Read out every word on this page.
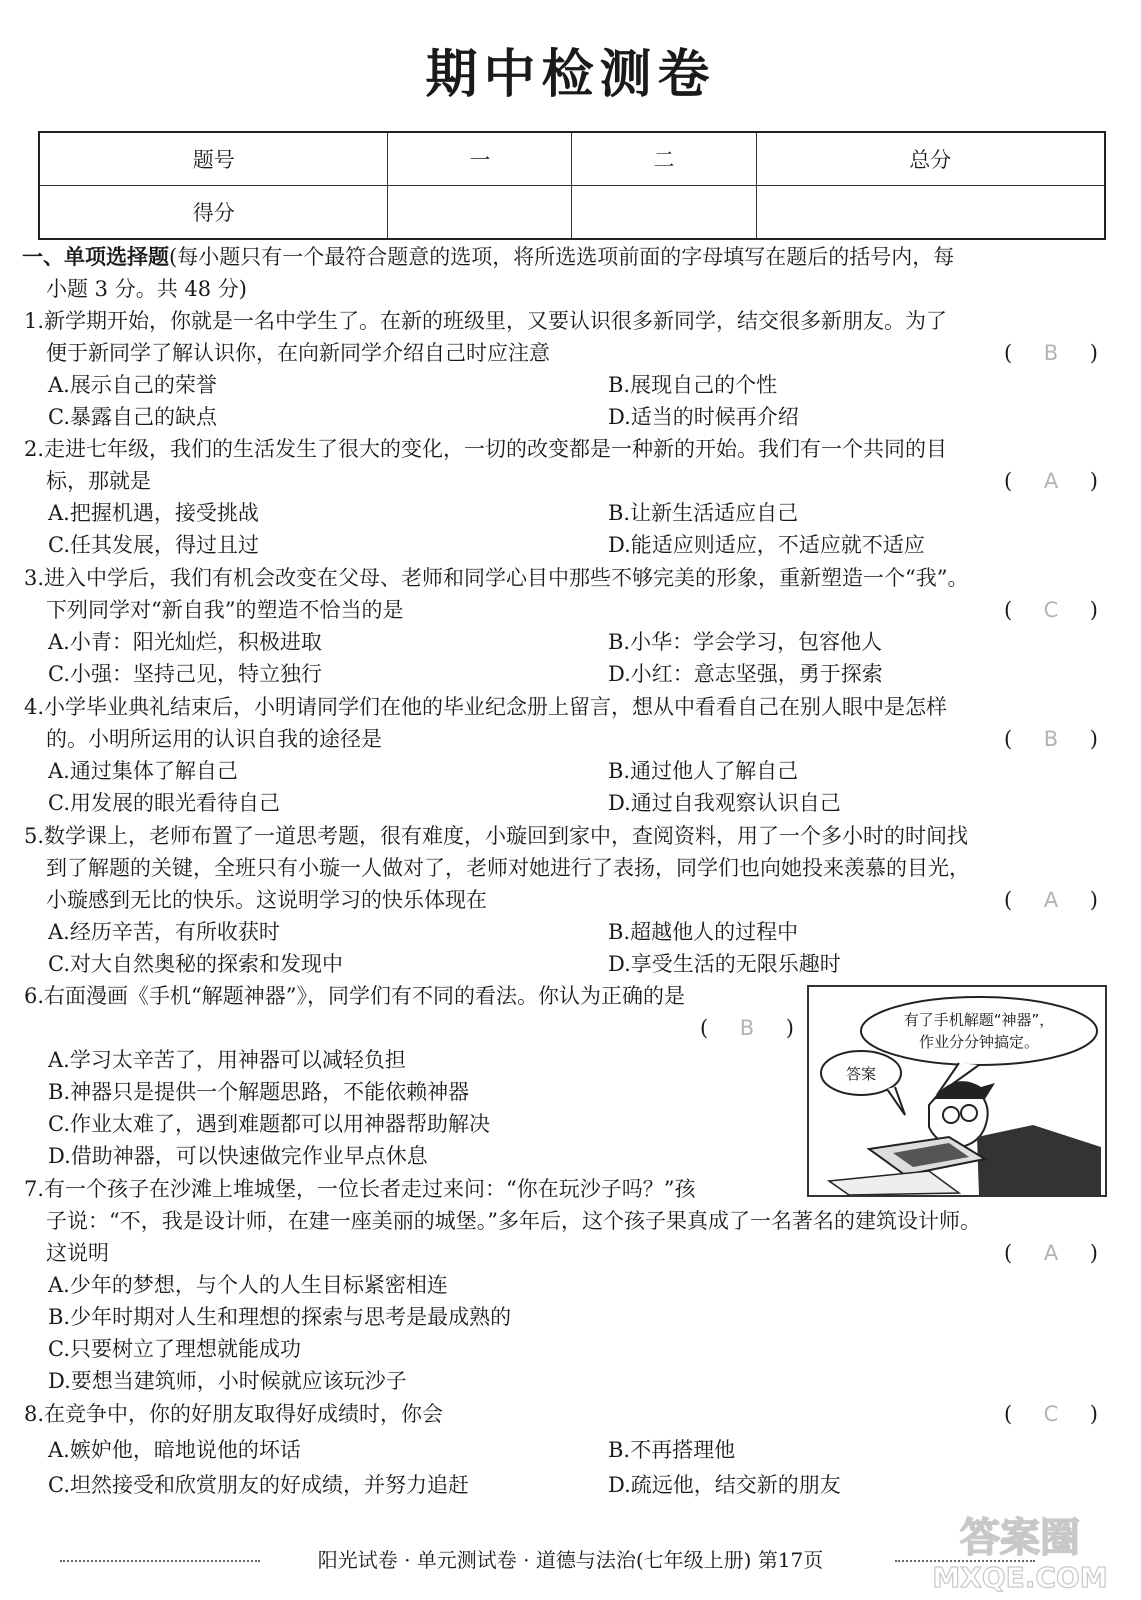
期中检测卷
题号	一	二	总分
得分			
一、单项选择题(每小题只有一个最符合题意的选项，将所选选项前面的字母填写在题后的括号内，每
小题 3 分。共 48 分)
1.新学期开始，你就是一名中学生了。在新的班级里，又要认识很多新同学，结交很多新朋友。为了
便于新同学了解认识你，在向新同学介绍自己时应注意	( B )
A.展示自己的荣誉	B.展现自己的个性
C.暴露自己的缺点	D.适当的时候再介绍
2.走进七年级，我们的生活发生了很大的变化，一切的改变都是一种新的开始。我们有一个共同的目
标，那就是	( A )
A.把握机遇，接受挑战	B.让新生活适应自己
C.任其发展，得过且过	D.能适应则适应，不适应就不适应
3.进入中学后，我们有机会改变在父母、老师和同学心目中那些不够完美的形象，重新塑造一个“我”。
下列同学对“新自我”的塑造不恰当的是	( C )
A.小青：阳光灿烂，积极进取	B.小华：学会学习，包容他人
C.小强：坚持己见，特立独行	D.小红：意志坚强，勇于探索
4.小学毕业典礼结束后，小明请同学们在他的毕业纪念册上留言，想从中看看自己在别人眼中是怎样
的。小明所运用的认识自我的途径是	( B )
A.通过集体了解自己	B.通过他人了解自己
C.用发展的眼光看待自己	D.通过自我观察认识自己
5.数学课上，老师布置了一道思考题，很有难度，小璇回到家中，查阅资料，用了一个多小时的时间找
到了解题的关键，全班只有小璇一人做对了，老师对她进行了表扬，同学们也向她投来羡慕的目光，
小璇感到无比的快乐。这说明学习的快乐体现在	( A )
A.经历辛苦，有所收获时	B.超越他人的过程中
C.对大自然奥秘的探索和发现中	D.享受生活的无限乐趣时
6.右面漫画《手机“解题神器”》，同学们有不同的看法。你认为正确的是
( B )
A.学习太辛苦了，用神器可以减轻负担
B.神器只是提供一个解题思路，不能依赖神器
C.作业太难了，遇到难题都可以用神器帮助解决
D.借助神器，可以快速做完作业早点休息
有了手机解题“神器”，
作业分分钟搞定。
答案
7.有一个孩子在沙滩上堆城堡，一位长者走过来问：“你在玩沙子吗？”孩
子说：“不，我是设计师，在建一座美丽的城堡。”多年后，这个孩子果真成了一名著名的建筑设计师。
这说明	( A )
A.少年的梦想，与个人的人生目标紧密相连
B.少年时期对人生和理想的探索与思考是最成熟的
C.只要树立了理想就能成功
D.要想当建筑师，小时候就应该玩沙子
8.在竞争中，你的好朋友取得好成绩时，你会	( C )
A.嫉妒他，暗地说他的坏话	B.不再搭理他
C.坦然接受和欣赏朋友的好成绩，并努力追赶	D.疏远他，结交新的朋友
阳光试卷 · 单元测试卷 · 道德与法治(七年级上册) 第17页	答案圈
MXQE.COM
